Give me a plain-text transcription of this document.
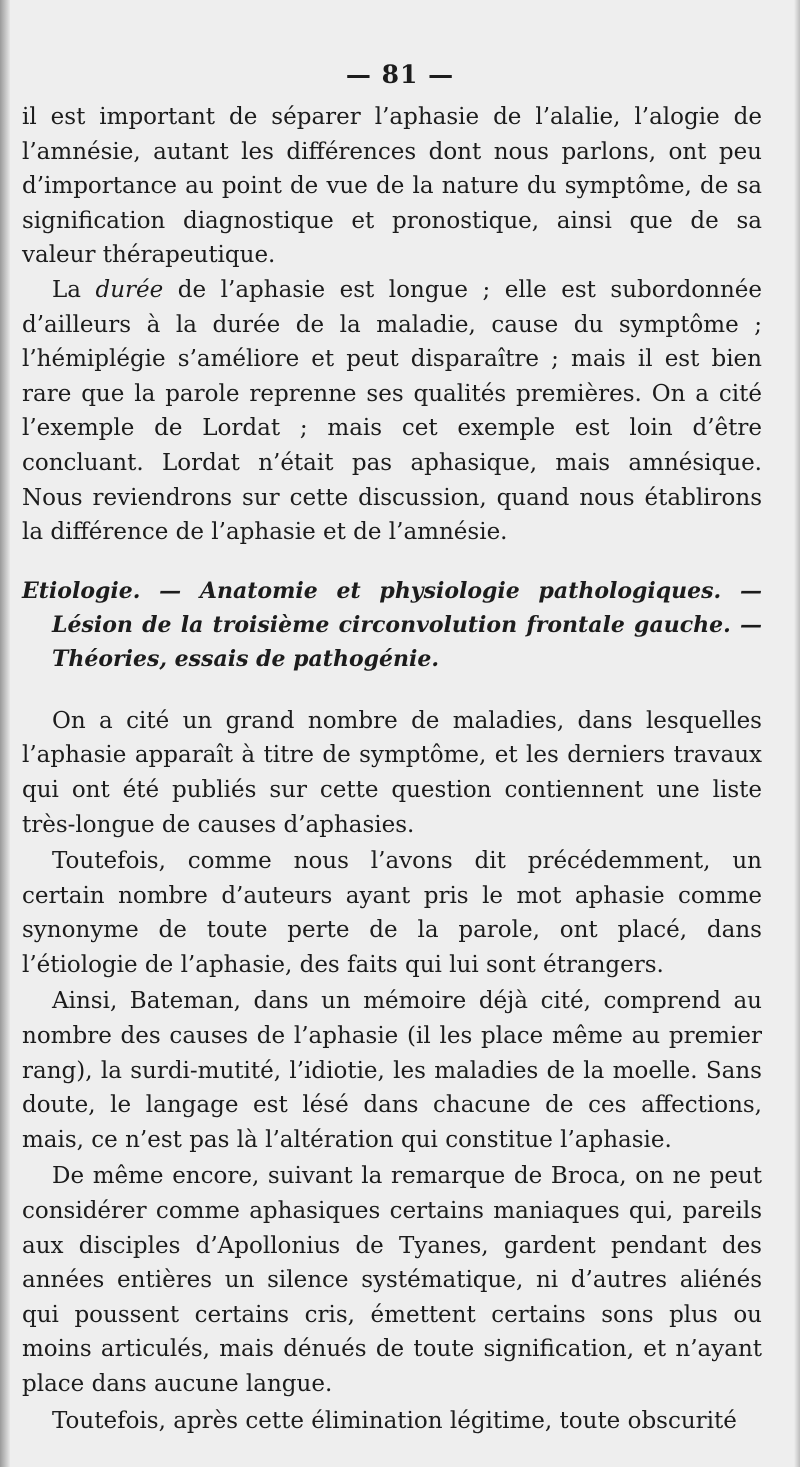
— 81 —

il est important de séparer l’aphasie de l’alalie, l’alogie de l’amnésie, autant les différences dont nous parlons, ont peu d’importance au point de vue de la nature du symptôme, de sa signification diagnostique et pronostique, ainsi que de sa valeur thérapeutique.

La durée de l’aphasie est longue ; elle est subordonnée d’ailleurs à la durée de la maladie, cause du symptôme ; l’hémiplégie s’améliore et peut disparaître ; mais il est bien rare que la parole reprenne ses qualités premières. On a cité l’exemple de Lordat ; mais cet exemple est loin d’être concluant. Lordat n’était pas aphasique, mais amnésique. Nous reviendrons sur cette discussion, quand nous établirons la différence de l’aphasie et de l’amnésie.

Etiologie. — Anatomie et physiologie pathologiques. — Lésion de la troisième circonvolution frontale gauche. — Théories, essais de pathogénie.

On a cité un grand nombre de maladies, dans lesquelles l’aphasie apparaît à titre de symptôme, et les derniers travaux qui ont été publiés sur cette question contiennent une liste très-longue de causes d’aphasies.

Toutefois, comme nous l’avons dit précédemment, un certain nombre d’auteurs ayant pris le mot aphasie comme synonyme de toute perte de la parole, ont placé, dans l’étiologie de l’aphasie, des faits qui lui sont étrangers.

Ainsi, Bateman, dans un mémoire déjà cité, comprend au nombre des causes de l’aphasie (il les place même au premier rang), la surdi-mutité, l’idiotie, les maladies de la moelle. Sans doute, le langage est lésé dans chacune de ces affections, mais, ce n’est pas là l’altération qui constitue l’aphasie.

De même encore, suivant la remarque de Broca, on ne peut considérer comme aphasiques certains maniaques qui, pareils aux disciples d’Apollonius de Tyanes, gardent pendant des années entières un silence systématique, ni d’autres aliénés qui poussent certains cris, émettent certains sons plus ou moins articulés, mais dénués de toute signification, et n’ayant place dans aucune langue.

Toutefois, après cette élimination légitime, toute obscurité
